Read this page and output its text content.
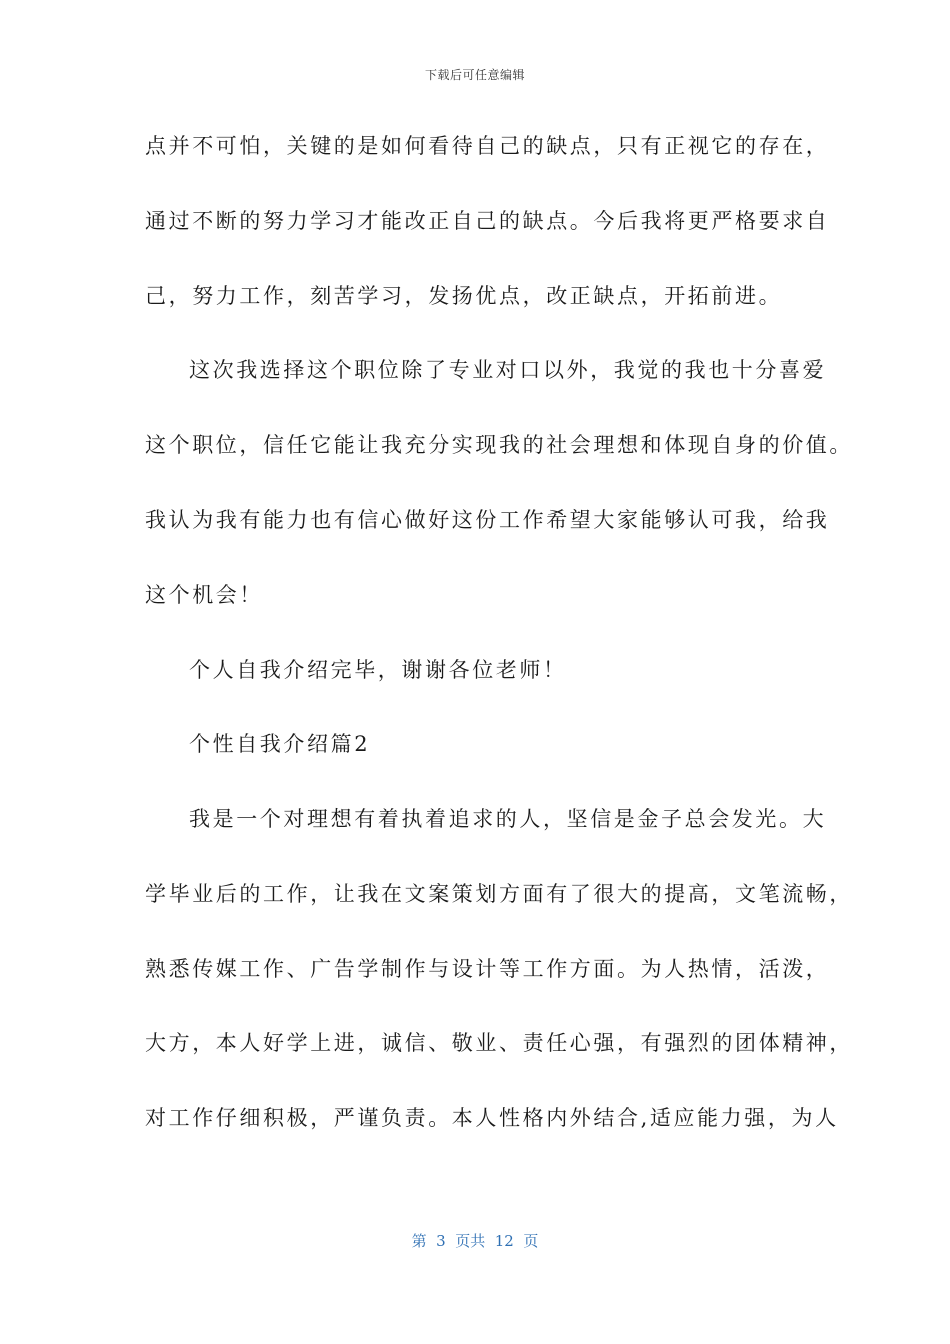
下载后可任意编辑
点并不可怕，关键的是如何看待自己的缺点，只有正视它的存在，
通过不断的努力学习才能改正自己的缺点。今后我将更严格要求自
己，努力工作，刻苦学习，发扬优点，改正缺点，开拓前进。
这次我选择这个职位除了专业对口以外，我觉的我也十分喜爱
这个职位，信任它能让我充分实现我的社会理想和体现自身的价值。
我认为我有能力也有信心做好这份工作希望大家能够认可我，给我
这个机会！
个人自我介绍完毕，谢谢各位老师！
个性自我介绍篇2
我是一个对理想有着执着追求的人，坚信是金子总会发光。大
学毕业后的工作，让我在文案策划方面有了很大的提高，文笔流畅，
熟悉传媒工作、广告学制作与设计等工作方面。为人热情，活泼，
大方，本人好学上进，诚信、敬业、责任心强，有强烈的团体精神，
对工作仔细积极，严谨负责。本人性格内外结合,适应能力强，为人
第  3  页共  12  页
